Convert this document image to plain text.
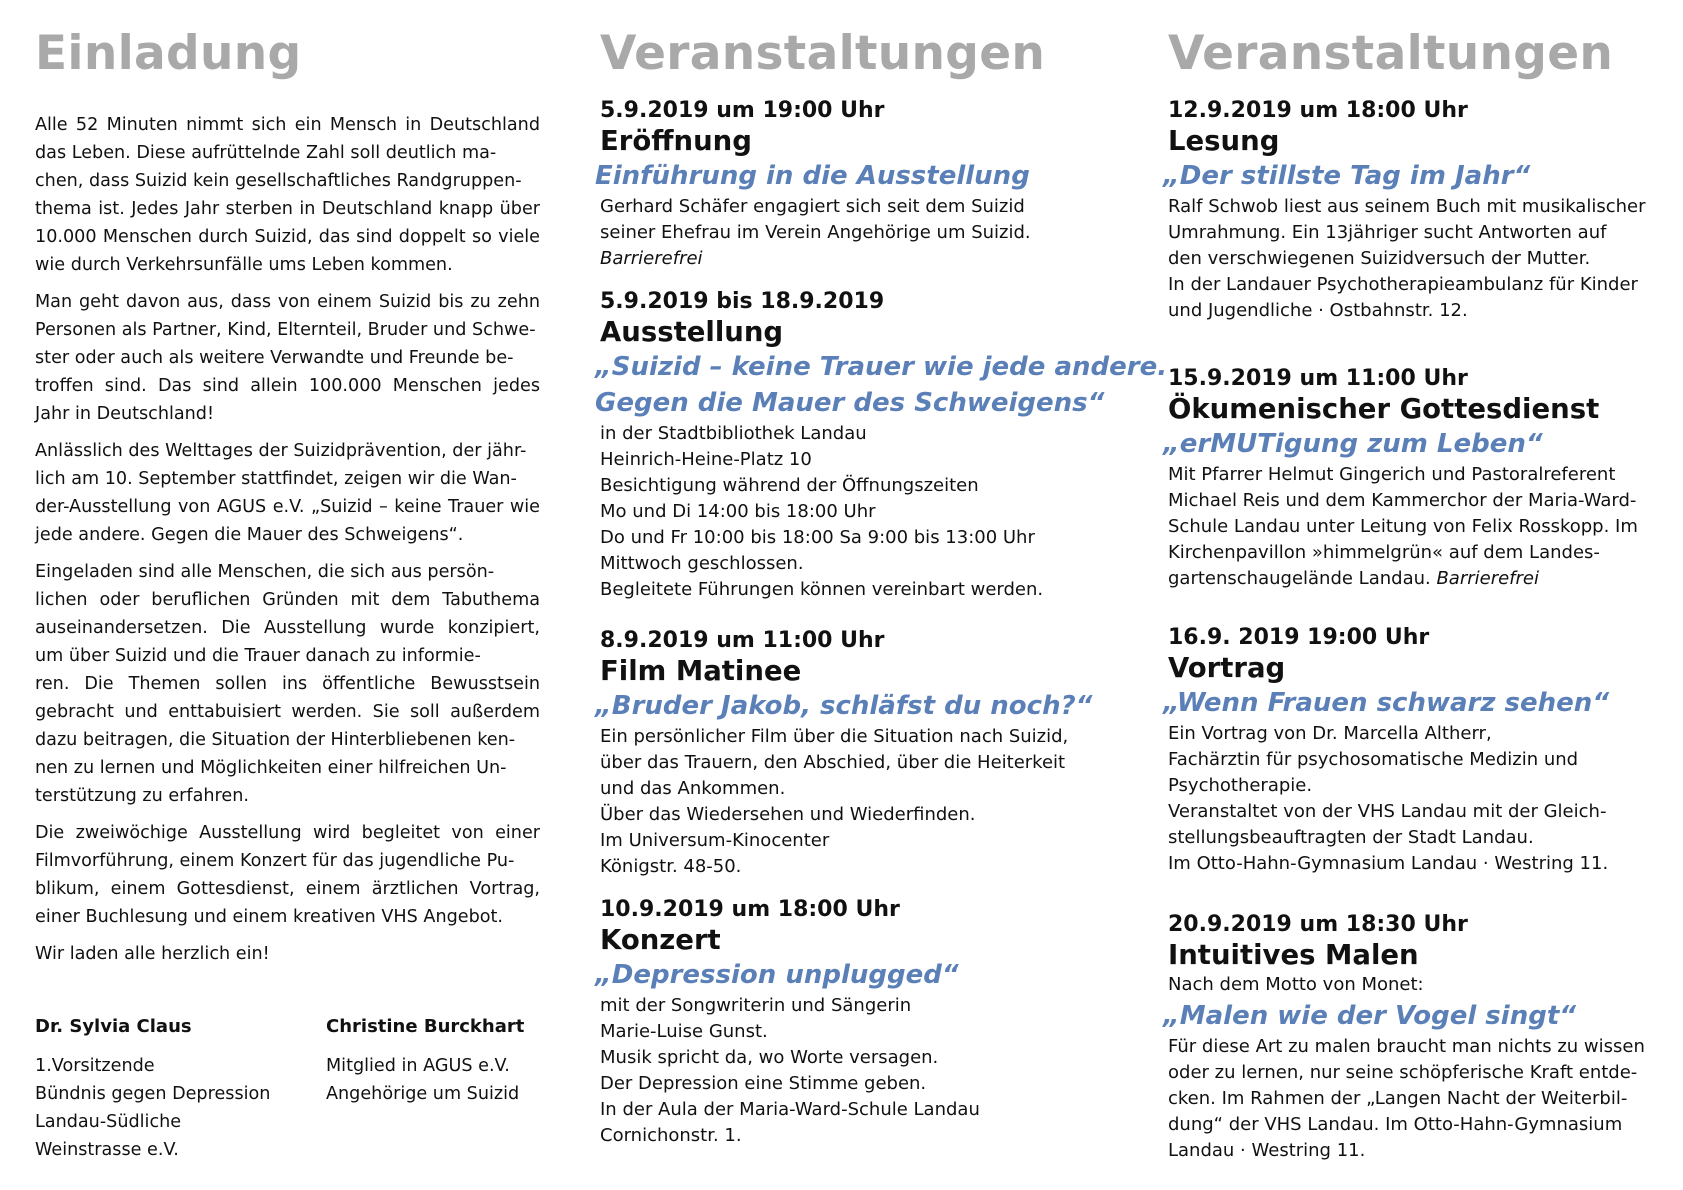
Einladung

Alle 52 Minuten nimmt sich ein Mensch in Deutschland das Leben. Diese aufrüttelnde Zahl soll deutlich ma-
chen, dass Suizid kein gesellschaftliches Randgruppen-
thema ist. Jedes Jahr sterben in Deutschland knapp über 10.000 Menschen durch Suizid, das sind doppelt so viele wie durch Verkehrsunfälle ums Leben kommen.

Man geht davon aus, dass von einem Suizid bis zu zehn Personen als Partner, Kind, Elternteil, Bruder und Schwe-
ster oder auch als weitere Verwandte und Freunde be-
troffen sind. Das sind allein 100.000 Menschen jedes Jahr in Deutschland!

Anlässlich des Welttages der Suizidprävention, der jähr-
lich am 10. September stattfindet, zeigen wir die Wan-
der-Ausstellung von AGUS e.V. „Suizid – keine Trauer wie jede andere. Gegen die Mauer des Schweigens“.

Eingeladen sind alle Menschen, die sich aus persön-
lichen oder beruflichen Gründen mit dem Tabuthema auseinandersetzen. Die Ausstellung wurde konzipiert, um über Suizid und die Trauer danach zu informie-
ren. Die Themen sollen ins öffentliche Bewusstsein gebracht und enttabuisiert werden. Sie soll außerdem dazu beitragen, die Situation der Hinterbliebenen ken-
nen zu lernen und Möglichkeiten einer hilfreichen Un-
terstützung zu erfahren.

Die zweiwöchige Ausstellung wird begleitet von einer Filmvorführung, einem Konzert für das jugendliche Pu-
blikum, einem Gottesdienst, einem ärztlichen Vortrag, einer Buchlesung und einem kreativen VHS Angebot.

Wir laden alle herzlich ein!

Dr. Sylvia Claus
1.Vorsitzende
Bündnis gegen Depression
Landau-Südliche
Weinstrasse e.V.
Christine Burckhart
Mitglied in AGUS e.V.
Angehörige um Suizid
Veranstaltungen
5.9.2019 um 19:00 Uhr
Eröffnung
Einführung in die Ausstellung
Gerhard Schäfer engagiert sich seit dem Suizid
seiner Ehefrau im Verein Angehörige um Suizid.
Barrierefrei
5.9.2019 bis 18.9.2019
Ausstellung
„Suizid – keine Trauer wie jede andere.
Gegen die Mauer des Schweigens“
in der Stadtbibliothek Landau
Heinrich-Heine-Platz 10
Besichtigung während der Öffnungszeiten
Mo und Di 14:00 bis 18:00 Uhr
Do und Fr 10:00 bis 18:00 Sa 9:00 bis 13:00 Uhr
Mittwoch geschlossen.
Begleitete Führungen können vereinbart werden.
8.9.2019 um 11:00 Uhr
Film Matinee
„Bruder Jakob, schläfst du noch?“
Ein persönlicher Film über die Situation nach Suizid,
über das Trauern, den Abschied, über die Heiterkeit
und das Ankommen.
Über das Wiedersehen und Wiederfinden.
Im Universum-Kinocenter
Königstr. 48-50.
10.9.2019 um 18:00 Uhr
Konzert
„Depression unplugged“
mit der Songwriterin und Sängerin
Marie-Luise Gunst.
Musik spricht da, wo Worte versagen.
Der Depression eine Stimme geben.
In der Aula der Maria-Ward-Schule Landau
Cornichonstr. 1.
Veranstaltungen
12.9.2019 um 18:00 Uhr
Lesung
„Der stillste Tag im Jahr“
Ralf Schwob liest aus seinem Buch mit musikalischer
Umrahmung. Ein 13jähriger sucht Antworten auf
den verschwiegenen Suizidversuch der Mutter.
In der Landauer Psychotherapieambulanz für Kinder
und Jugendliche · Ostbahnstr. 12.
15.9.2019 um 11:00 Uhr
Ökumenischer Gottesdienst
„erMUTigung zum Leben“
Mit Pfarrer Helmut Gingerich und Pastoralreferent
Michael Reis und dem Kammerchor der Maria-Ward-
Schule Landau unter Leitung von Felix Rosskopp. Im
Kirchenpavillon »himmelgrün« auf dem Landes-
gartenschaugelände Landau. Barrierefrei
16.9. 2019 19:00 Uhr
Vortrag
„Wenn Frauen schwarz sehen“
Ein Vortrag von Dr. Marcella Altherr,
Fachärztin für psychosomatische Medizin und
Psychotherapie.
Veranstaltet von der VHS Landau mit der Gleich-
stellungsbeauftragten der Stadt Landau.
Im Otto-Hahn-Gymnasium Landau · Westring 11.
20.9.2019 um 18:30 Uhr
Intuitives Malen
Nach dem Motto von Monet:
„Malen wie der Vogel singt“
Für diese Art zu malen braucht man nichts zu wissen
oder zu lernen, nur seine schöpferische Kraft entde-
cken. Im Rahmen der „Langen Nacht der Weiterbil-
dung“ der VHS Landau. Im Otto-Hahn-Gymnasium
Landau · Westring 11.
